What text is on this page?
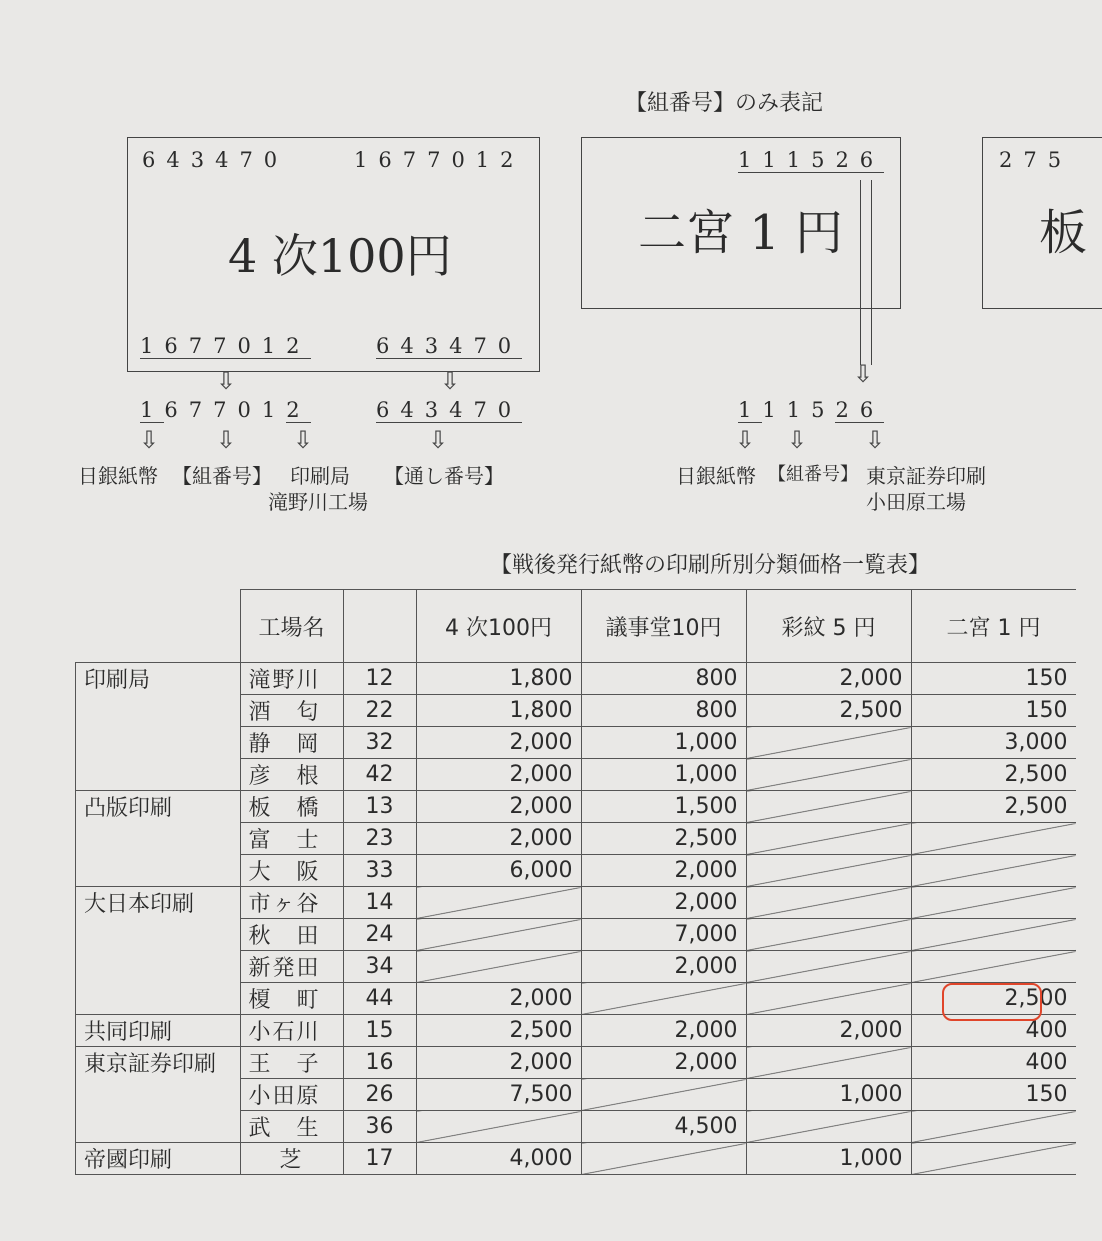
【組番号】のみ表記
643470	1677012
4 次100円
1677012	643470
⇩	⇩
1677012	643470
⇩ ⇩ ⇩	⇩
日銀紙幣 【組番号】 印刷局
滝野川工場
【通し番号】
111526
二宮 1 円
⇩
111526
⇩ ⇩ ⇩
日銀紙幣 【組番号】 東京証券印刷
小田原工場
275
板
【戦後発行紙幣の印刷所別分類価格一覧表】
	工場名		4 次100円	議事堂10円	彩紋 5 円	二宮 1 円
印刷局	滝野川	12	1,800	800	2,000	150
	酒　匂	22	1,800	800	2,500	150
	静　岡	32	2,000	1,000		3,000
	彦　根	42	2,000	1,000		2,500
凸版印刷	板　橋	13	2,000	1,500		2,500
	富　士	23	2,000	2,500		
	大　阪	33	6,000	2,000		
大日本印刷	市ヶ谷	14		2,000		
	秋　田	24		7,000		
	新発田	34		2,000		
	榎　町	44	2,000			2,500
共同印刷	小石川	15	2,500	2,000	2,000	400
東京証券印刷	王　子	16	2,000	2,000		400
	小田原	26	7,500		1,000	150
	武　生	36		4,500		
帝國印刷	芝	17	4,000		1,000	
